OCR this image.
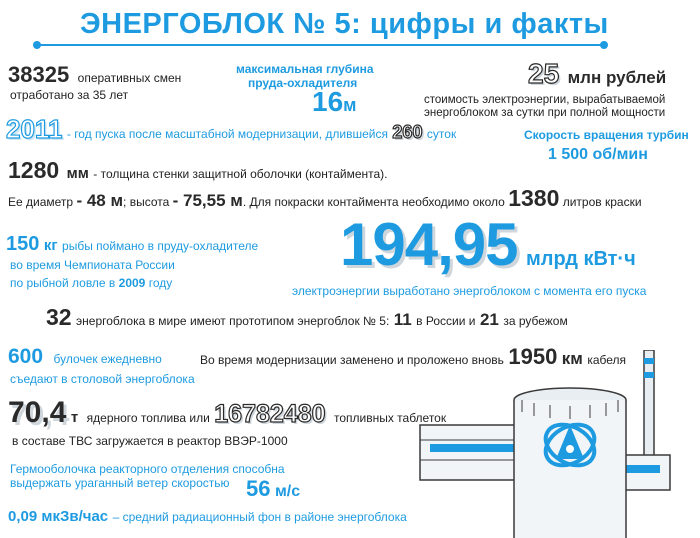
ЭНЕРГОБЛОК № 5: цифры и факты
38325 оперативных смен
отработано за 35 лет
максимальная глубина
пруда-охладителя
16м
25 млн рублей
стоимость электроэнергии, вырабатываемой
энергоблоком за сутки при полной мощности
2011 - год пуска после масштабной модернизации, длившейся 260 суток	Скорость вращения турбин
1 500 об/мин
1280 мм - толщина стенки защитной оболочки (контаймента).
Ее диаметр - 48 м; высота - 75,55 м. Для покраски контаймента необходимо около 1380 литров краски
150 кг рыбы поймано в пруду-охладителе
во время Чемпионата России
по рыбной ловле в 2009 году
194,95 млрд кВт·ч
электроэнергии выработано энергоблоком с момента его пуска
32 энергоблока в мире имеют прототипом энергоблок № 5: 11 в России и 21 за рубежом
600 булочек ежедневно
съедают в столовой энергоблока
Во время модернизации заменено и проложено вновь 1950 км кабеля
70,4 т ядерного топлива или 16782480 топливных таблеток
в составе ТВС загружается в реактор ВВЭР-1000
Гермооболочка реакторного отделения способна
выдержать ураганный ветер скоростью 56 м/с
0,09 мкЗв/час – средний радиационный фон в районе энергоблока
